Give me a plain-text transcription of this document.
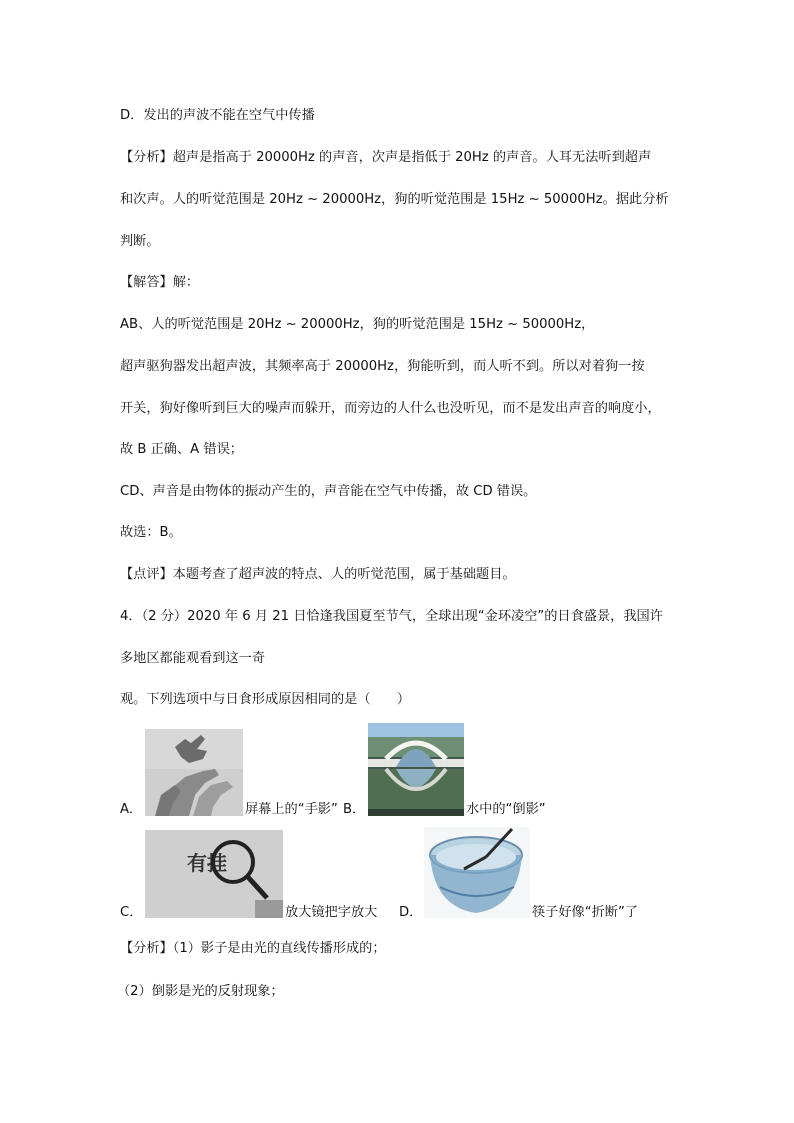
D．发出的声波不能在空气中传播
【分析】超声是指高于 20000Hz 的声音，次声是指低于 20Hz 的声音。人耳无法听到超声
和次声。人的听觉范围是 20Hz ~ 20000Hz，狗的听觉范围是 15Hz ~ 50000Hz。据此分析
判断。
【解答】解：
AB、人的听觉范围是 20Hz ~ 20000Hz，狗的听觉范围是 15Hz ~ 50000Hz，
超声驱狗器发出超声波，其频率高于 20000Hz，狗能听到，而人听不到。所以对着狗一按
开关，狗好像听到巨大的噪声而躲开，而旁边的人什么也没听见，而不是发出声音的响度小，
故 B 正确、A 错误；
CD、声音是由物体的振动产生的，声音能在空气中传播，故 CD 错误。
故选：B。
【点评】本题考查了超声波的特点、人的听觉范围，属于基础题目。
4．（2 分）2020 年 6 月 21 日恰逢我国夏至节气，全球出现“金环凌空”的日食盛景，我国许
多地区都能观看到这一奇
观。下列选项中与日食形成原因相同的是（　　）
A．	屏幕上的“手影” B．	水中的“倒影”
C．
有挂
放大镜把字放大 D．	筷子好像“折断”了
【分析】（1）影子是由光的直线传播形成的；
（2）倒影是光的反射现象；
